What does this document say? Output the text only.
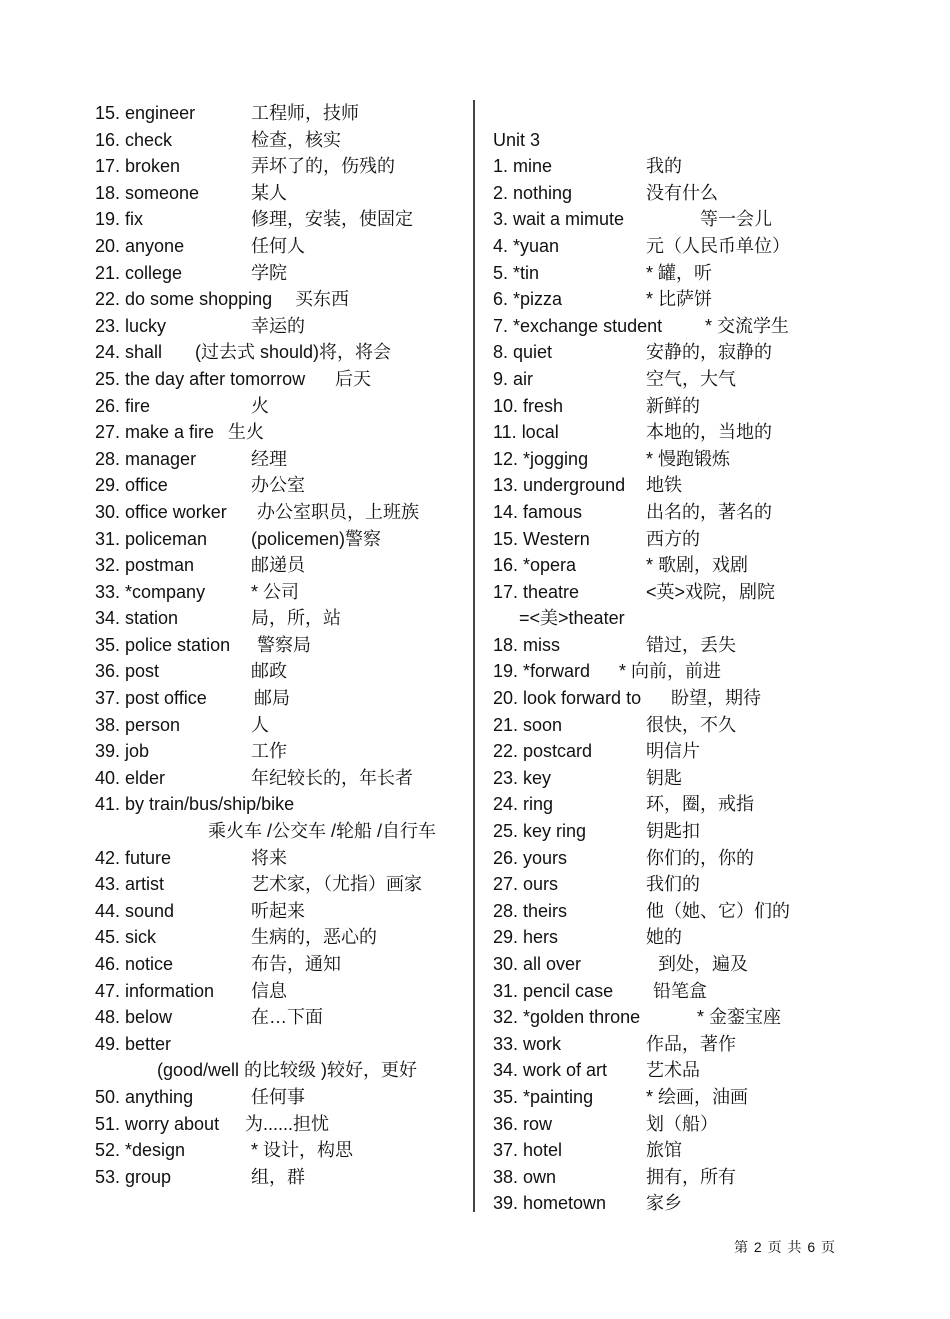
15. engineer	工程师，技师
16. check	检查，核实
17. broken	弄坏了的，伤残的
18. someone	某人
19. fix	修理，安装，使固定
20. anyone	任何人
21. college	学院
22. do some shopping 买东西
23. lucky	幸运的
24. shall (过去式 should)将，将会
25. the day after tomorrow 后天
26. fire	火
27. make a fire 生火
28. manager	经理
29. office	办公室
30. office worker 办公室职员，上班族
31. policeman (policemen)警察
32. postman	邮递员
33. *company	* 公司
34. station	局，所，站
35. police station 警察局
36. post	邮政
37. post office	邮局
38. person	人
39. job	工作
40. elder	年纪较长的，年长者
41. by train/bus/ship/bike
乘火车 /公交车 /轮船 /自行车
42. future	将来
43. artist	艺术家，（尤指）画家
44. sound	听起来
45. sick	生病的，恶心的
46. notice	布告，通知
47. information 信息
48. below	在…下面
49. better
(good/well 的比较级 )较好，更好
50. anything	任何事
51. worry about 为......担忧
52. *design	* 设计，构思
53. group	组，群
Unit 3
1. mine	我的
2. nothing	没有什么
3. wait a mimute	等一会儿
4. *yuan	元（人民币单位）
5. *tin	* 罐，听
6. *pizza	* 比萨饼
7. *exchange student * 交流学生
8. quiet	安静的，寂静的
9. air	空气，大气
10. fresh	新鲜的
11. local	本地的，当地的
12. *jogging	* 慢跑锻炼
13. underground 地铁
14. famous	出名的，著名的
15. Western	西方的
16. *opera	* 歌剧，戏剧
17. theatre	<英>戏院，剧院
=<美>theater
18. miss	错过，丢失
19. *forward * 向前，前进
20. look forward to 盼望，期待
21. soon	很快，不久
22. postcard	明信片
23. key	钥匙
24. ring	环，圈，戒指
25. key ring	钥匙扣
26. yours	你们的，你的
27. ours	我们的
28. theirs	他（她、它）们的
29. hers	她的
30. all over	到处，遍及
31. pencil case 铅笔盒
32. *golden throne	* 金銮宝座
33. work	作品，著作
34. work of art 艺术品
35. *painting	* 绘画，油画
36. row	划（船）
37. hotel	旅馆
38. own	拥有，所有
39. hometown 家乡
第 2 页 共 6 页
